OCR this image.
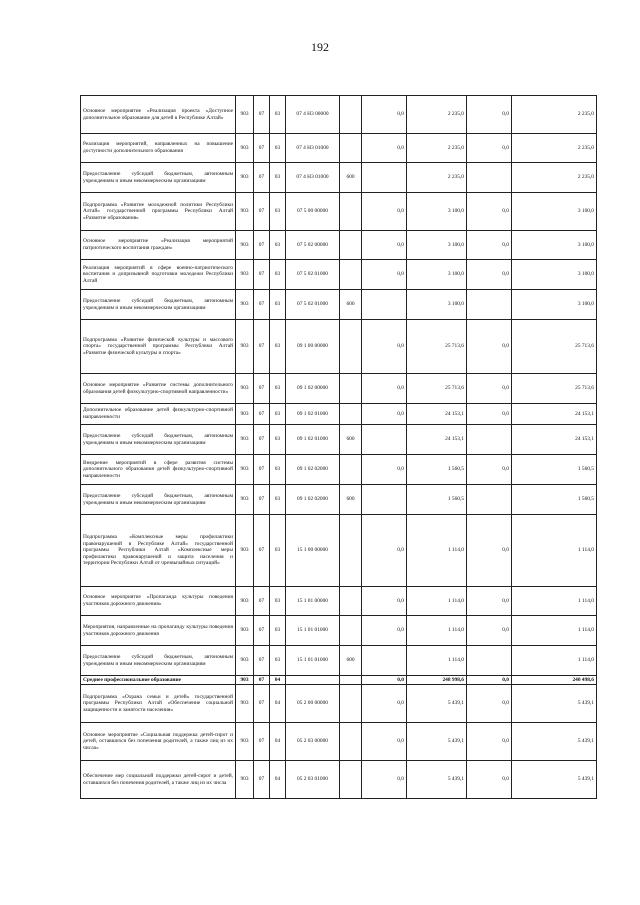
192
Основное мероприятие «Реализация проекта «Доступное дополнительное образование для детей в Республике Алтай»	903	07	03	07 4 Н3 00000		0,0	2 235,0	0,0	2 235,0
Реализация мероприятий, направленных на повышение доступности дополнительного образования	903	07	03	07 4 Н3 01000		0,0	2 235,0	0,0	2 235,0
Предоставление субсидий бюджетным, автономным учреждениям и иным некоммерческим организациям	903	07	03	07 4 Н3 01000	600		2 235,0		2 235,0
Подпрограмма «Развитие молодежной политики Республики Алтай» государственной программы Республики Алтай «Развитие образования»	903	07	03	07 5 00 00000		0,0	3 100,0	0,0	3 100,0
Основное мероприятие «Реализация мероприятий патриотического воспитания граждан»	903	07	03	07 5 02 00000		0,0	3 100,0	0,0	3 100,0
Реализация мероприятий в сфере военно-патриотического воспитания и допризывной подготовки молодежи Республики Алтай	903	07	03	07 5 02 01000		0,0	3 100,0	0,0	3 100,0
Предоставление субсидий бюджетным, автономным учреждениям и иным некоммерческим организациям	903	07	03	07 5 02 01000	600		3 100,0		3 100,0
Подпрограмма «Развитие физической культуры и массового спорта» государственной программы Республики Алтай «Развитие физической культуры и спорта»	903	07	03	09 1 00 00000		0,0	25 713,6	0,0	25 713,6
Основное мероприятие «Развитие системы дополнительного образования детей физкультурно-спортивной направленности»	903	07	03	09 1 02 00000		0,0	25 713,6	0,0	25 713,6
Дополнительное образование детей физкультурно-спортивной направленности	903	07	03	09 1 02 01000		0,0	24 153,1	0,0	24 153,1
Предоставление субсидий бюджетным, автономным учреждениям и иным некоммерческим организациям	903	07	03	09 1 02 01000	600		24 153,1		24 153,1
Внедрение мероприятий в сфере развития системы дополнительного образования детей физкультурно-спортивной направленности	903	07	03	09 1 02 02000		0,0	1 560,5	0,0	1 560,5
Предоставление субсидий бюджетным, автономным учреждениям и иным некоммерческим организациям	903	07	03	09 1 02 02000	600		1 560,5		1 560,5
Подпрограмма «Комплексные меры профилактики правонарушений в Республике Алтай» государственной программы Республики Алтай «Комплексные меры профилактики правонарушений и защита населения и территории Республики Алтай от чрезвычайных ситуаций»	903	07	03	15 1 00 00000		0,0	1 114,0	0,0	1 114,0
Основное мероприятие «Пропаганда культуры поведения участников дорожного движения»	903	07	03	15 1 01 00000		0,0	1 114,0	0,0	1 114,0
Мероприятия, направленные на пропаганду культуры поведения участников дорожного движения	903	07	03	15 1 01 01000		0,0	1 114,0	0,0	1 114,0
Предоставление субсидий бюджетным, автономным учреждениям и иным некоммерческим организациям	903	07	03	15 1 01 01000	600		1 114,0		1 114,0
Среднее профессиональное образование	903	07	04			0,0	248 998,6	0,0	240 498,6
Подпрограмма «Охрана семьи и детей» государственной программы Республики Алтай «Обеспечение социальной защищенности и занятости населения»	903	07	04	05 2 00 00000		0,0	5 439,1	0,0	5 439,1
Основное мероприятие «Социальная поддержка детей-сирот и детей, оставшихся без попечения родителей, а также лиц из их числа»	903	07	04	05 2 03 00000		0,0	5 439,1	0,0	5 439,1
Обеспечение мер социальной поддержки детей-сирот и детей, оставшихся без попечения родителей, а также лиц из их числа	903	07	04	05 2 03 01000		0,0	5 439,1	0,0	5 439,1
